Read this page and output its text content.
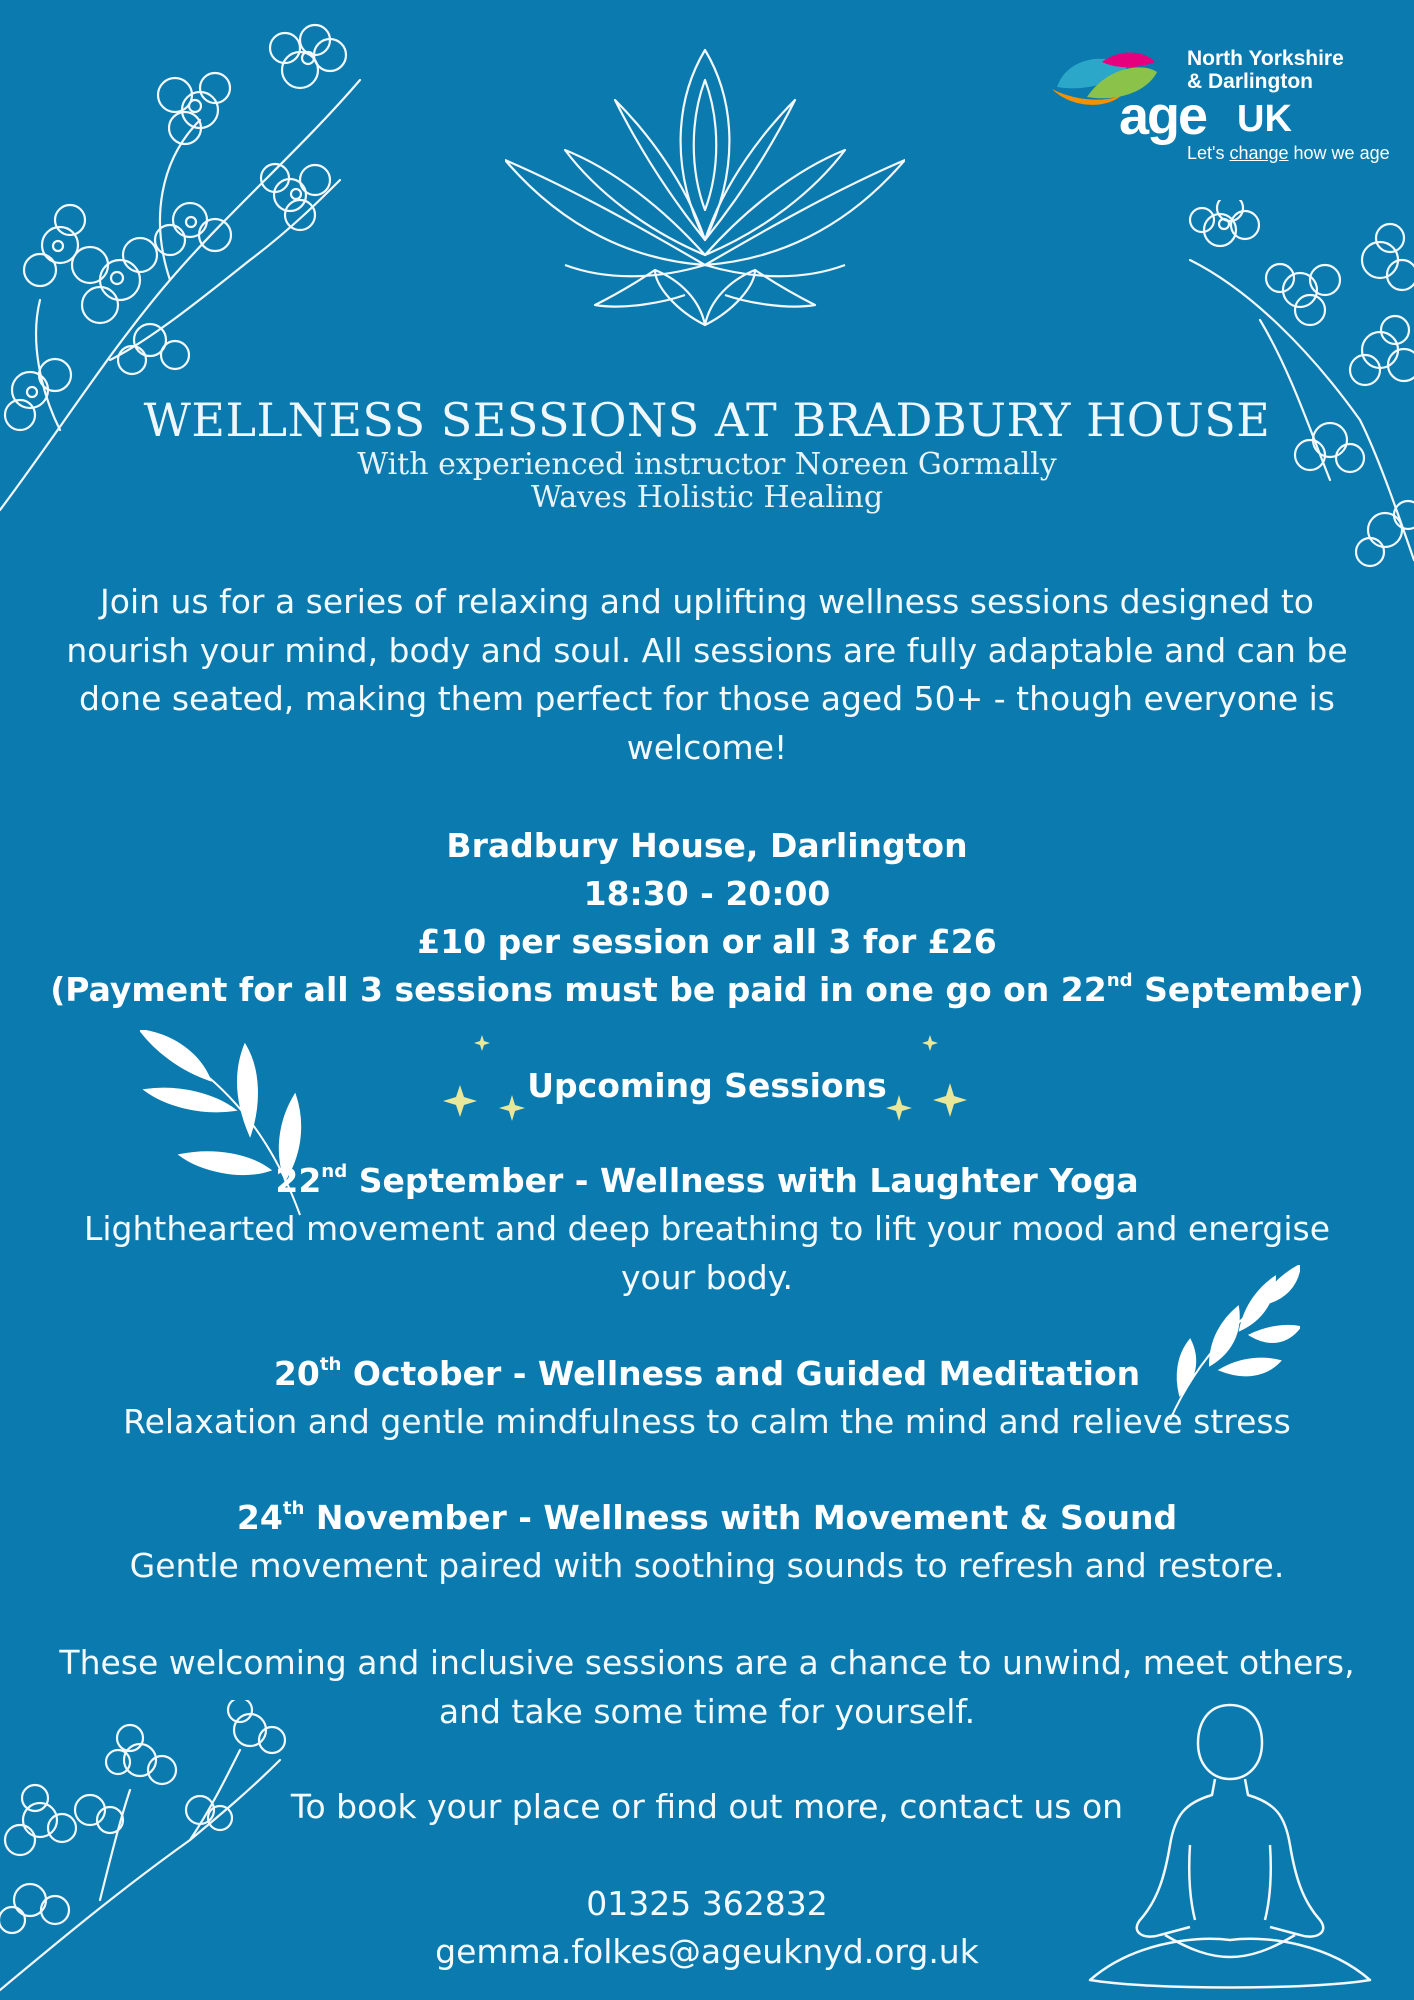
North Yorkshire
& Darlington
age UK
Let's change how we age
WELLNESS SESSIONS AT BRADBURY HOUSE
With experienced instructor Noreen Gormally
Waves Holistic Healing
Join us for a series of relaxing and uplifting wellness sessions designed to
nourish your mind, body and soul. All sessions are fully adaptable and can be
done seated, making them perfect for those aged 50+ - though everyone is
welcome!
Bradbury House, Darlington
18:30 - 20:00
£10 per session or all 3 for £26
(Payment for all 3 sessions must be paid in one go on 22nd September)
Upcoming Sessions
22nd September - Wellness with Laughter Yoga
Lighthearted movement and deep breathing to lift your mood and energise
your body.
20th October - Wellness and Guided Meditation
Relaxation and gentle mindfulness to calm the mind and relieve stress
24th November - Wellness with Movement & Sound
Gentle movement paired with soothing sounds to refresh and restore.
These welcoming and inclusive sessions are a chance to unwind, meet others,
and take some time for yourself.
To book your place or find out more, contact us on
01325 362832
gemma.folkes@ageuknyd.org.uk
